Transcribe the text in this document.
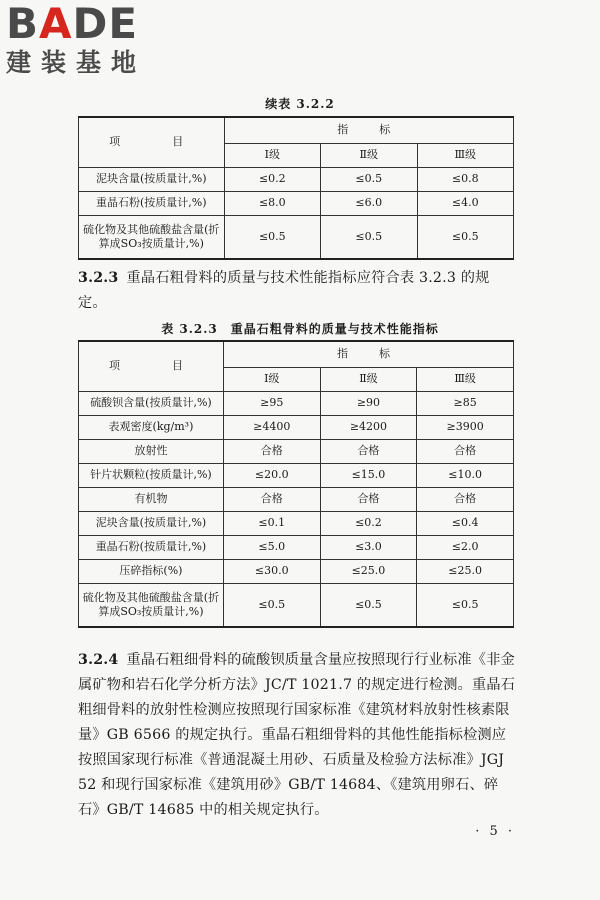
BADE
建装基地
续表 3.2.2
项　　目	指　标		
	Ⅰ级	Ⅱ级	Ⅲ级
泥块含量(按质量计,%)	≤0.2	≤0.5	≤0.8
重晶石粉(按质量计,%)	≤8.0	≤6.0	≤4.0
硫化物及其他硫酸盐含量(折算成SO₃按质量计,%)	≤0.5	≤0.5	≤0.5

3.2.3 重晶石粗骨料的质量与技术性能指标应符合表 3.2.3 的规定。

表 3.2.3　重晶石粗骨料的质量与技术性能指标
项　　目	指　标		
	Ⅰ级	Ⅱ级	Ⅲ级
硫酸钡含量(按质量计,%)	≥95	≥90	≥85
表观密度(kg/m³)	≥4400	≥4200	≥3900
放射性	合格	合格	合格
针片状颗粒(按质量计,%)	≤20.0	≤15.0	≤10.0
有机物	合格	合格	合格
泥块含量(按质量计,%)	≤0.1	≤0.2	≤0.4
重晶石粉(按质量计,%)	≤5.0	≤3.0	≤2.0
压碎指标(%)	≤30.0	≤25.0	≤25.0
硫化物及其他硫酸盐含量(折算成SO₃按质量计,%)	≤0.5	≤0.5	≤0.5

3.2.4 重晶石粗细骨料的硫酸钡质量含量应按照现行行业标准《非金属矿物和岩石化学分析方法》JC/T 1021.7 的规定进行检测。重晶石粗细骨料的放射性检测应按照现行国家标准《建筑材料放射性核素限量》GB 6566 的规定执行。重晶石粗细骨料的其他性能指标检测应按照国家现行标准《普通混凝土用砂、石质量及检验方法标准》JGJ 52 和现行国家标准《建筑用砂》GB/T 14684、《建筑用卵石、碎石》GB/T 14685 中的相关规定执行。

· 5 ·
